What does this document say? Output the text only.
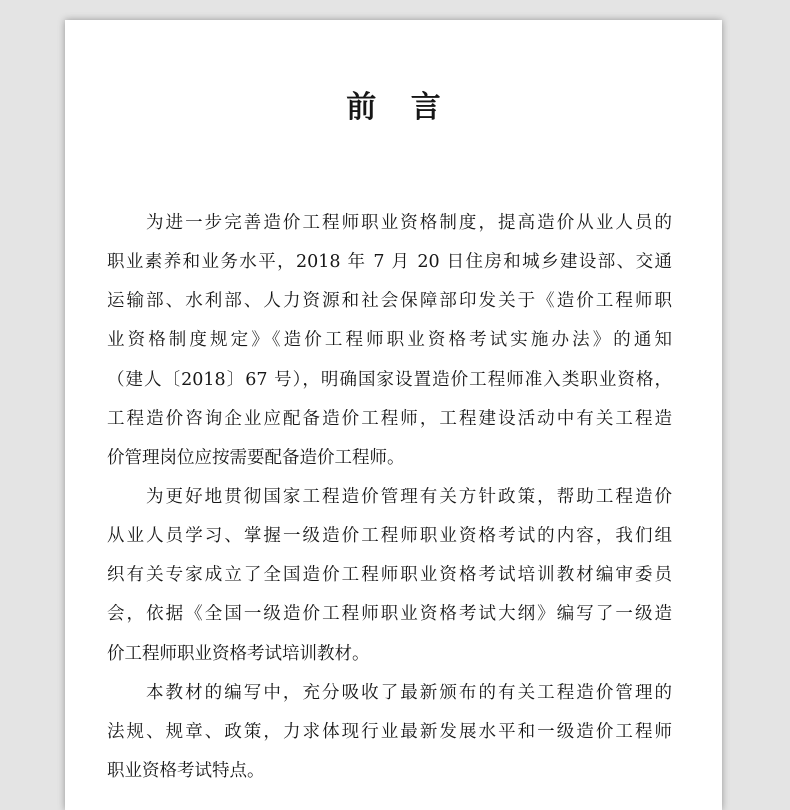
前 言
为进一步完善造价工程师职业资格制度，提高造价从业人员的
职业素养和业务水平，2018 年 7 月 20 日住房和城乡建设部、交通
运输部、水利部、人力资源和社会保障部印发关于《造价工程师职
业资格制度规定》《造价工程师职业资格考试实施办法》的通知
（建人〔2018〕67 号），明确国家设置造价工程师准入类职业资格，
工程造价咨询企业应配备造价工程师，工程建设活动中有关工程造
价管理岗位应按需要配备造价工程师。
为更好地贯彻国家工程造价管理有关方针政策，帮助工程造价
从业人员学习、掌握一级造价工程师职业资格考试的内容，我们组
织有关专家成立了全国造价工程师职业资格考试培训教材编审委员
会，依据《全国一级造价工程师职业资格考试大纲》编写了一级造
价工程师职业资格考试培训教材。
本教材的编写中，充分吸收了最新颁布的有关工程造价管理的
法规、规章、政策，力求体现行业最新发展水平和一级造价工程师
职业资格考试特点。
